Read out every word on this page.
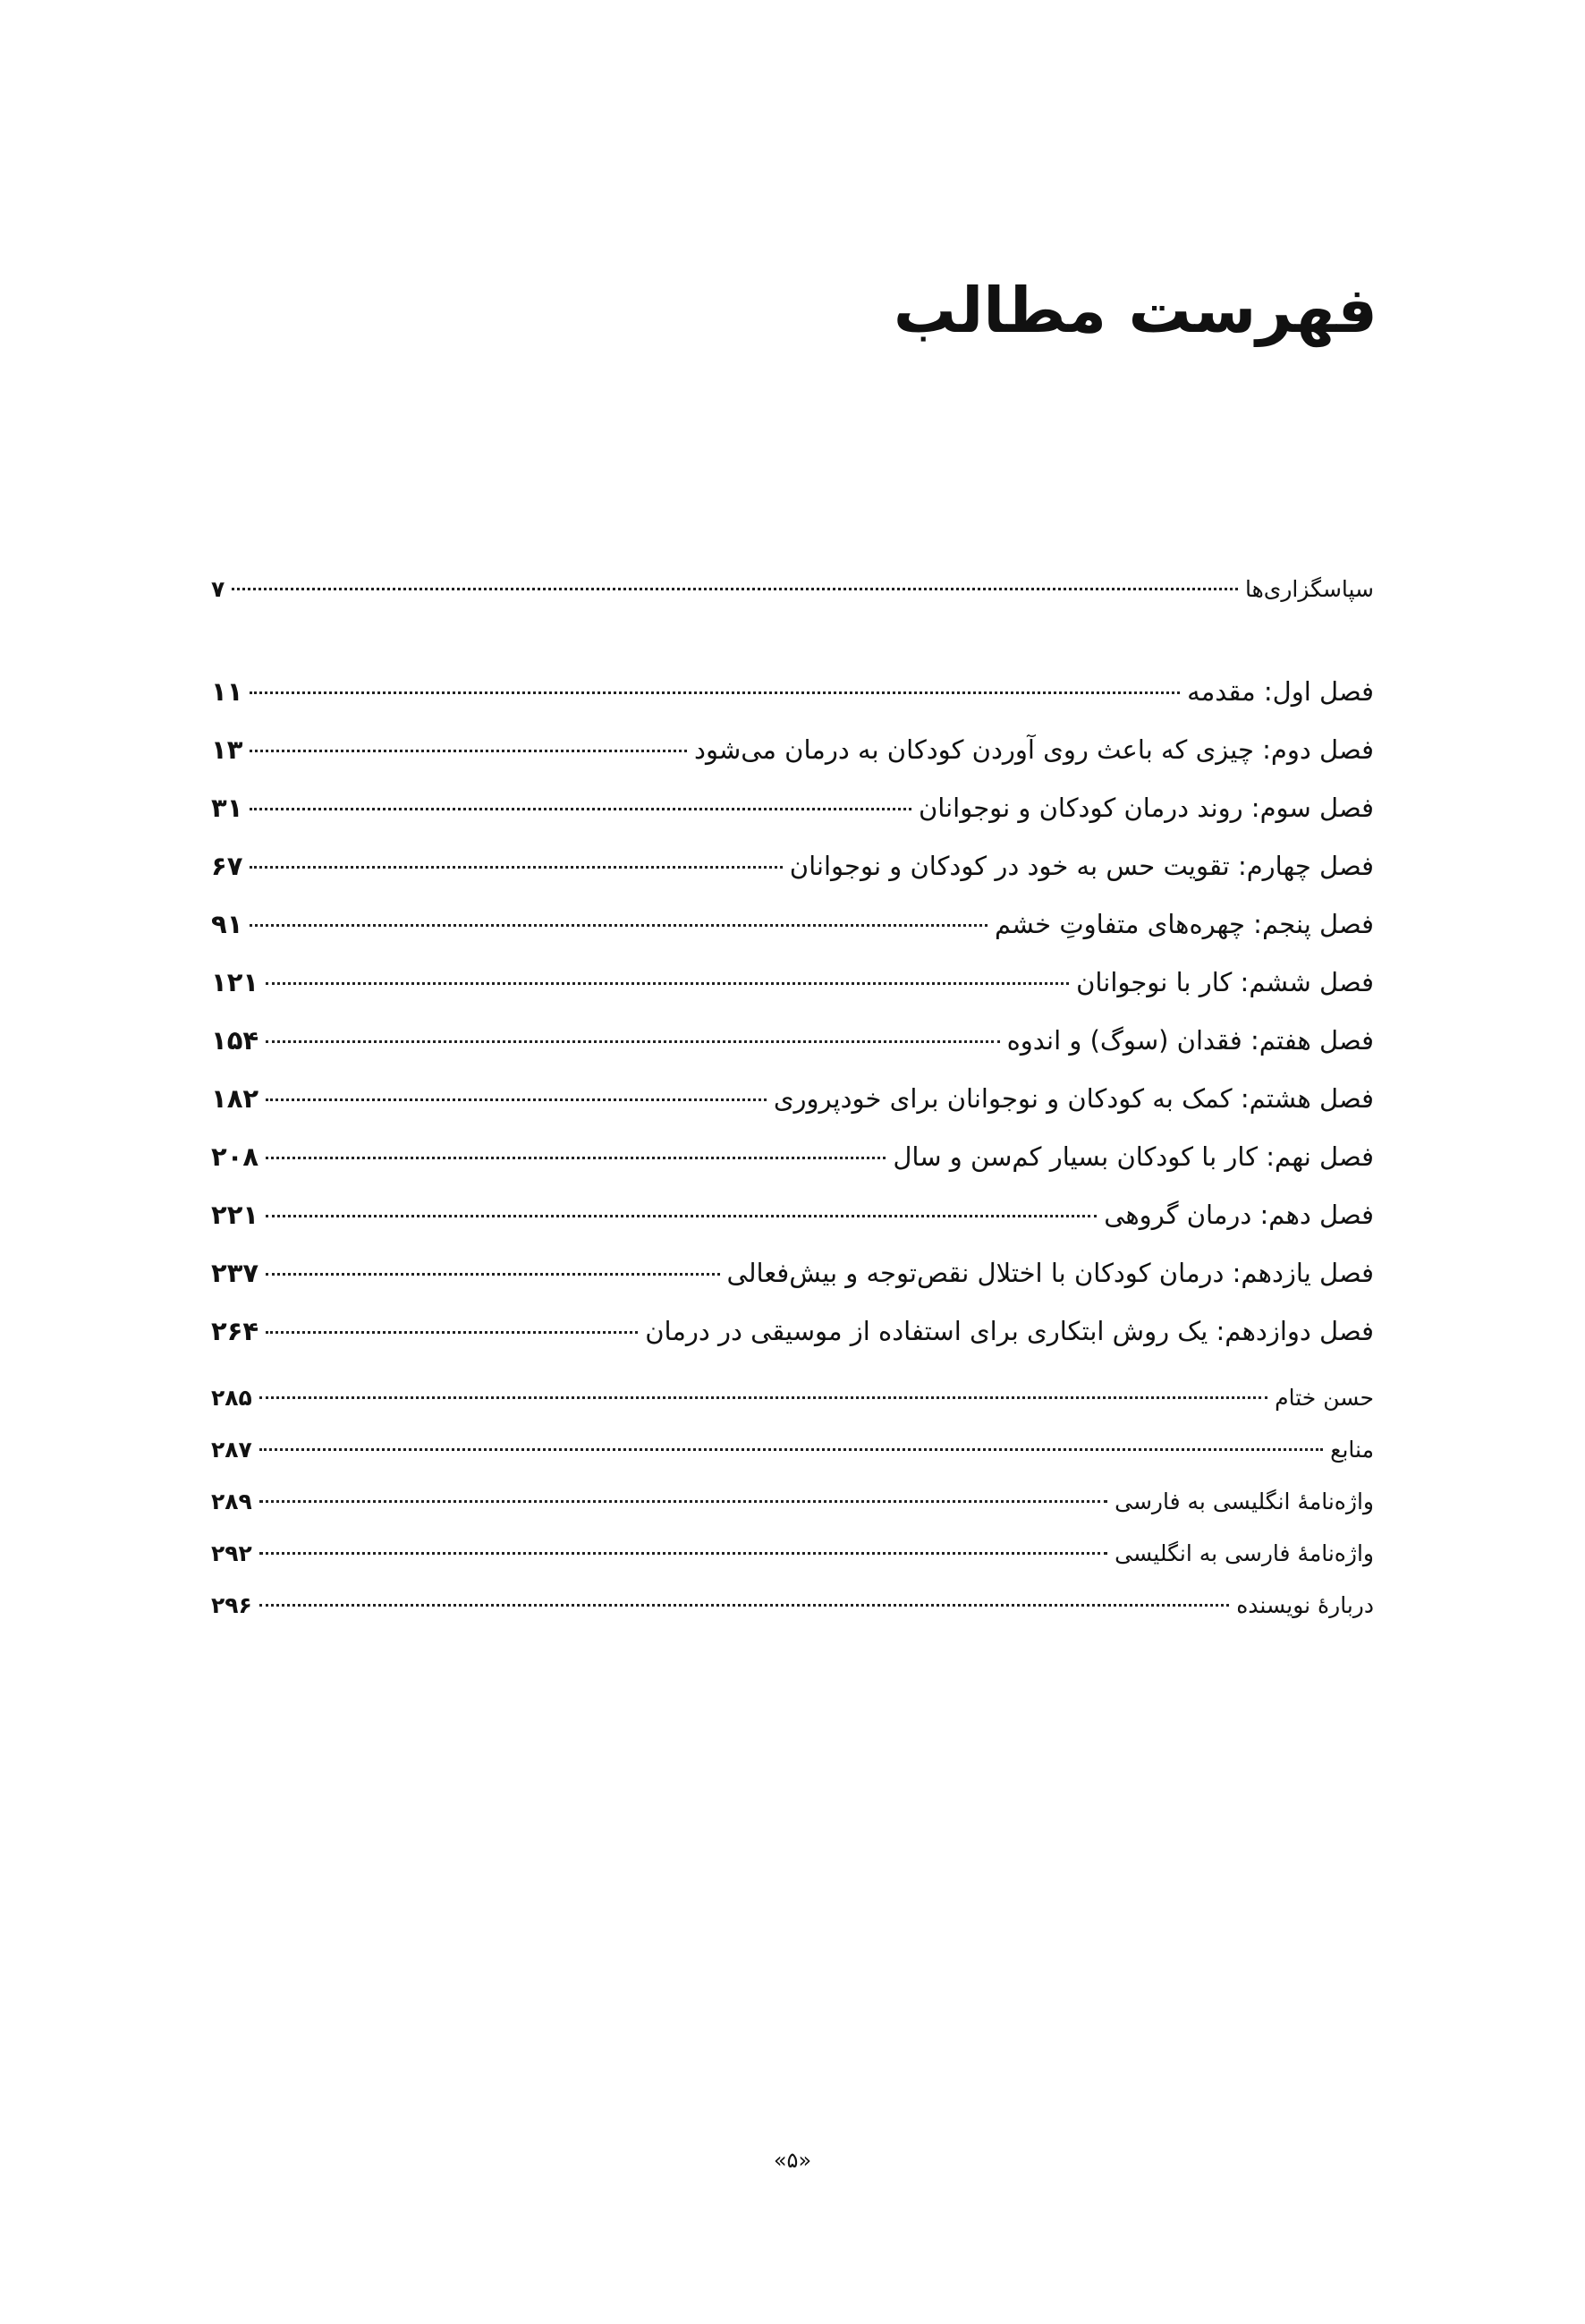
فهرست مطالب
سپاسگزاری‌ها
۷
فصل اول: مقدمه
۱۱
فصل دوم: چیزی که باعث روی آوردن کودکان به درمان می‌شود
۱۳
فصل سوم: روند درمان کودکان و نوجوانان
۳۱
فصل چهارم: تقویت حس به خود در کودکان و نوجوانان
۶۷
فصل پنجم: چهره‌های متفاوتِ خشم
۹۱
فصل ششم: کار با نوجوانان
۱۲۱
فصل هفتم: فقدان (سوگ) و اندوه
۱۵۴
فصل هشتم: کمک به کودکان و نوجوانان برای خودپروری
۱۸۲
فصل نهم: کار با کودکان بسیار کم‌سن و سال
۲۰۸
فصل دهم: درمان گروهی
۲۲۱
فصل یازدهم: درمان کودکان با اختلال نقص‌توجه و بیش‌فعالی
۲۳۷
فصل دوازدهم: یک روش ابتکاری برای استفاده از موسیقی در درمان
۲۶۴
حسن ختام
۲۸۵
منابع
۲۸۷
واژه‌نامهٔ انگلیسی به فارسی
۲۸۹
واژه‌نامهٔ فارسی به انگلیسی
۲۹۲
دربارهٔ نویسنده
۲۹۶
«۵»
